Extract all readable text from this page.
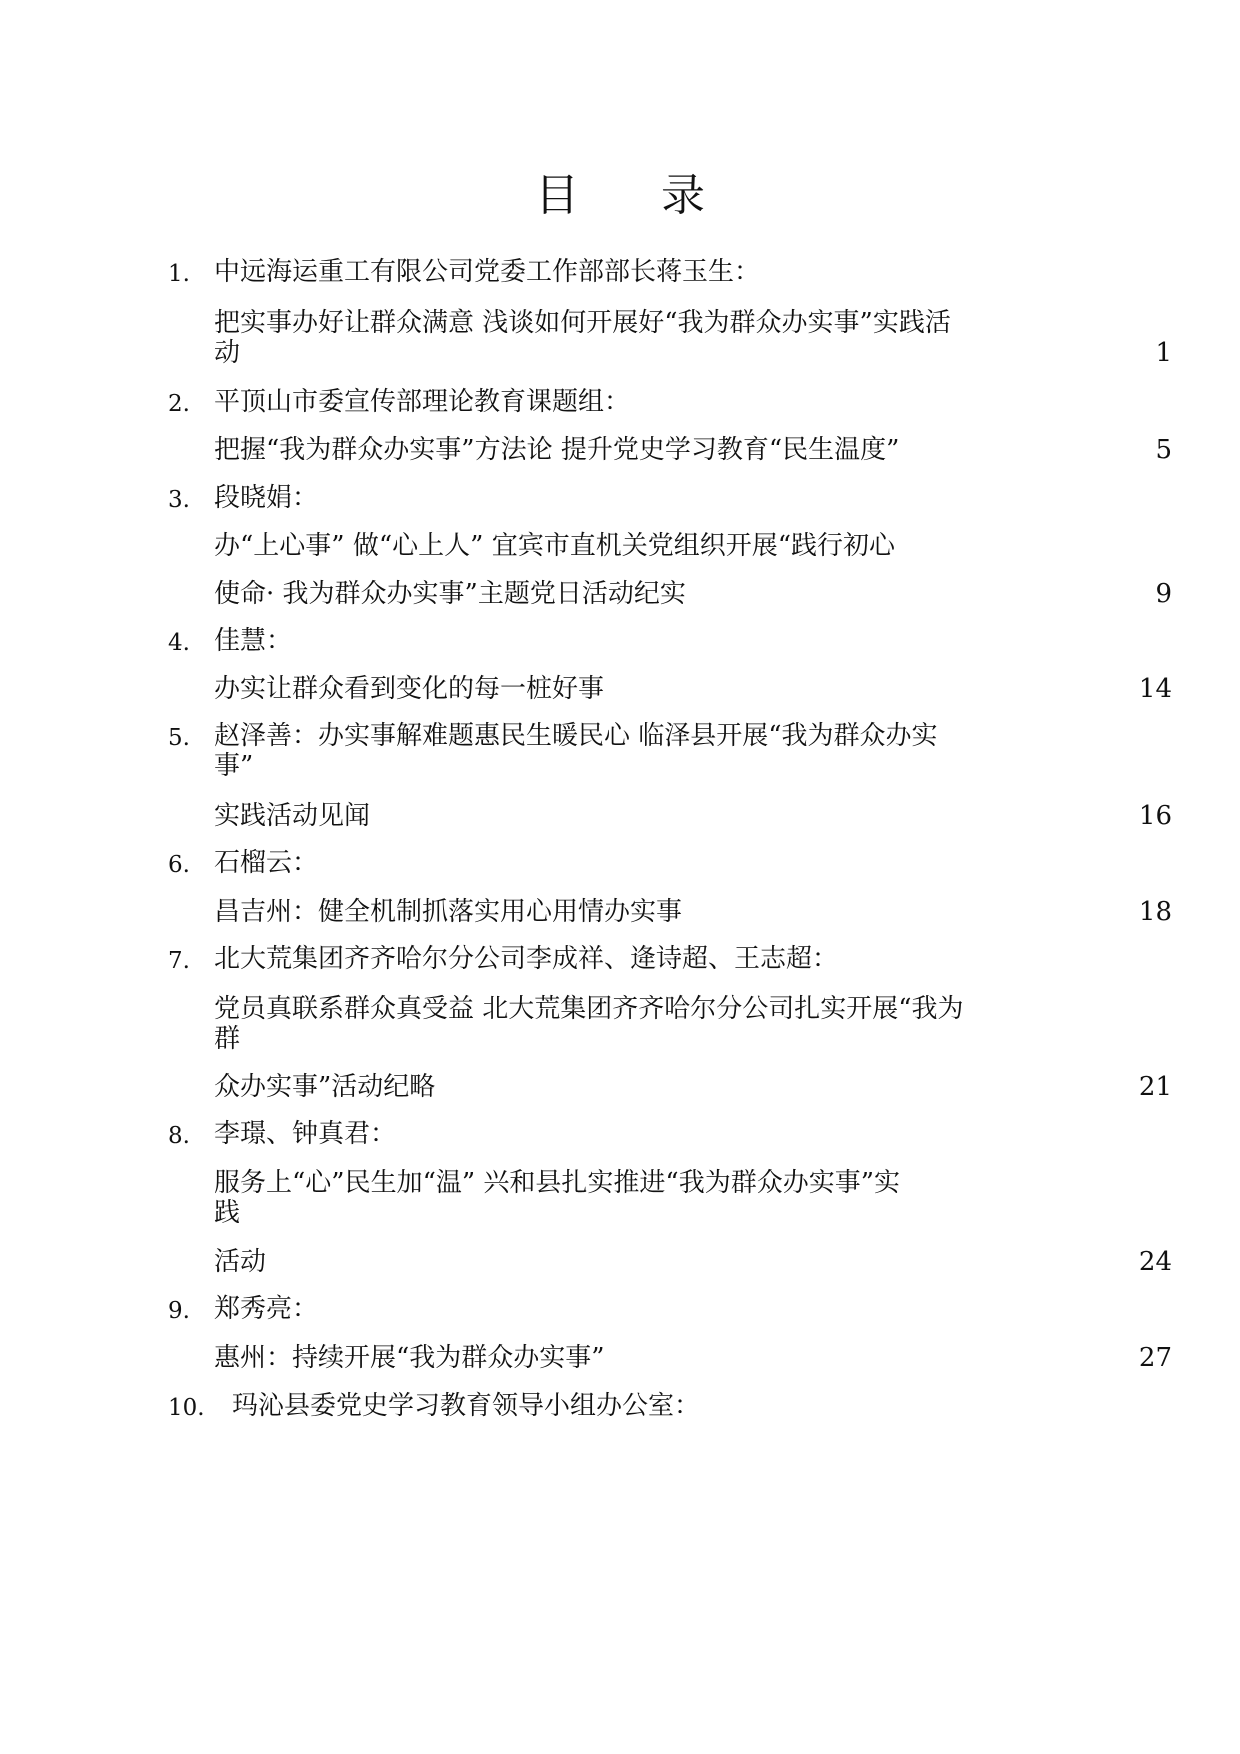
目 录
1. 中远海运重工有限公司党委工作部部长蒋玉生：
把实事办好让群众满意 浅谈如何开展好“我为群众办实事”实践活
动	1
2. 平顶山市委宣传部理论教育课题组：
把握“我为群众办实事”方法论 提升党史学习教育“民生温度”	5
3. 段晓娟：
办“上心事” 做“心上人” 宜宾市直机关党组织开展“践行初心
使命· 我为群众办实事”主题党日活动纪实	9
4. 佳慧：
办实让群众看到变化的每一桩好事	14
5. 赵泽善：办实事解难题惠民生暖民心 临泽县开展“我为群众办实
事”
实践活动见闻	16
6. 石榴云：
昌吉州：健全机制抓落实用心用情办实事	18
7. 北大荒集团齐齐哈尔分公司李成祥、逄诗超、王志超：
党员真联系群众真受益 北大荒集团齐齐哈尔分公司扎实开展“我为
群
众办实事”活动纪略	21
8. 李璟、钟真君：
服务上“心”民生加“温” 兴和县扎实推进“我为群众办实事”实
践
活动	24
9. 郑秀亮：
惠州：持续开展“我为群众办实事”	27
10. 玛沁县委党史学习教育领导小组办公室：
